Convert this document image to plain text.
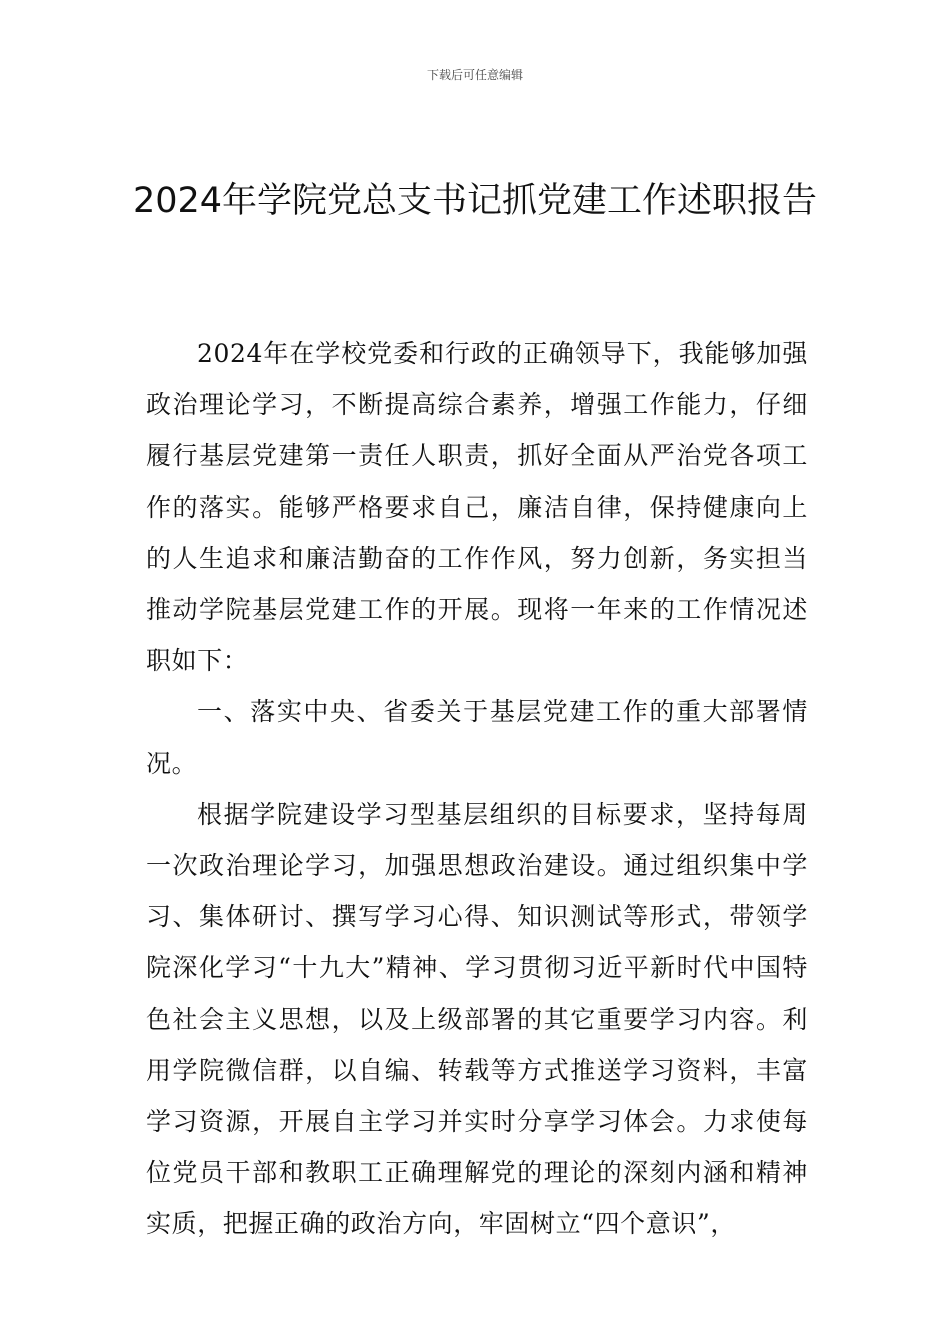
下载后可任意编辑
2024年学院党总支书记抓党建工作述职报告

2024年在学校党委和行政的正确领导下，我能够加强政治理论学习，不断提高综合素养，增强工作能力，仔细履行基层党建第一责任人职责，抓好全面从严治党各项工作的落实。能够严格要求自己，廉洁自律，保持健康向上的人生追求和廉洁勤奋的工作作风，努力创新，务实担当推动学院基层党建工作的开展。现将一年来的工作情况述职如下：

一、落实中央、省委关于基层党建工作的重大部署情况。

根据学院建设学习型基层组织的目标要求，坚持每周一次政治理论学习，加强思想政治建设。通过组织集中学习、集体研讨、撰写学习心得、知识测试等形式，带领学院深化学习“十九大”精神、学习贯彻习近平新时代中国特色社会主义思想，以及上级部署的其它重要学习内容。利用学院微信群，以自编、转载等方式推送学习资料，丰富学习资源，开展自主学习并实时分享学习体会。力求使每位党员干部和教职工正确理解党的理论的深刻内涵和精神实质，把握正确的政治方向，牢固树立“四个意识”，
